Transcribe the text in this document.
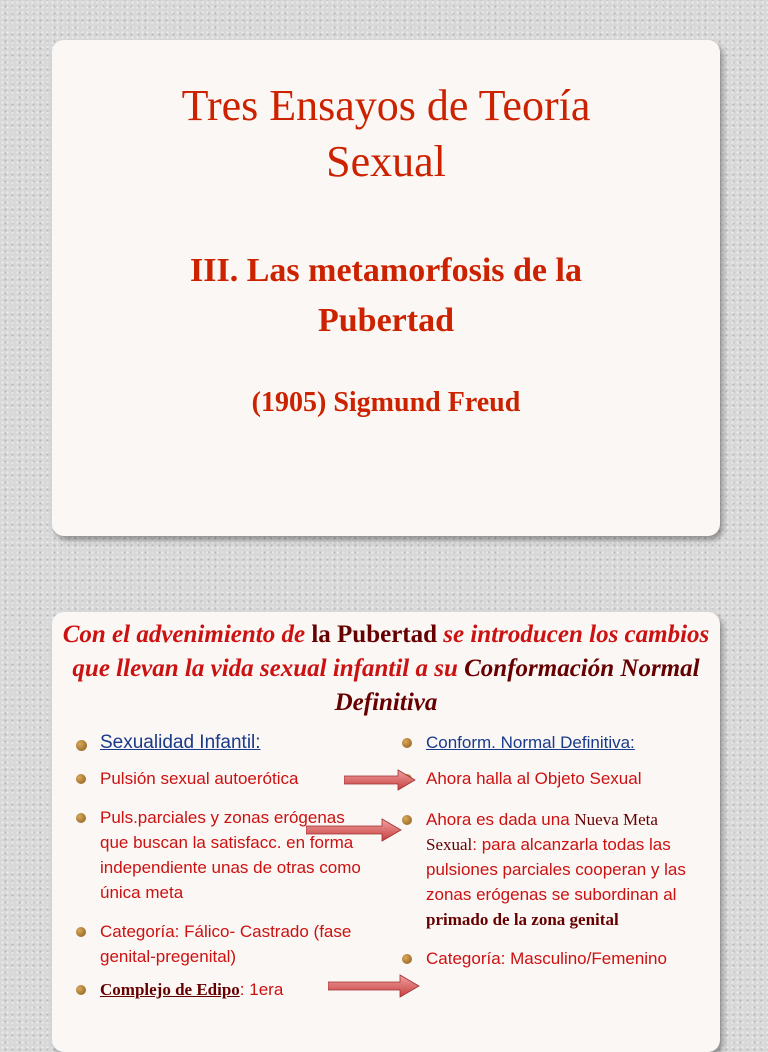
Tres Ensayos de Teoría
Sexual
III. Las metamorfosis de la
Pubertad

(1905) Sigmund Freud

Con el advenimiento de la Pubertad se introducen los cambios que llevan la vida sexual infantil a su Conformación Normal Definitiva

Sexualidad Infantil:
Pulsión sexual autoerótica
Puls.parciales y zonas erógenas que buscan la satisfacc. en forma independiente unas de otras como única meta
Categoría: Fálico- Castrado (fase genital-pregenital)
Complejo de Edipo: 1era
Conform. Normal Definitiva:
Ahora halla al Objeto Sexual
Ahora es dada una Nueva Meta Sexual: para alcanzarla todas las pulsiones parciales cooperan y las zonas erógenas se subordinan al primado de la zona genital
Categoría: Masculino/Femenino
